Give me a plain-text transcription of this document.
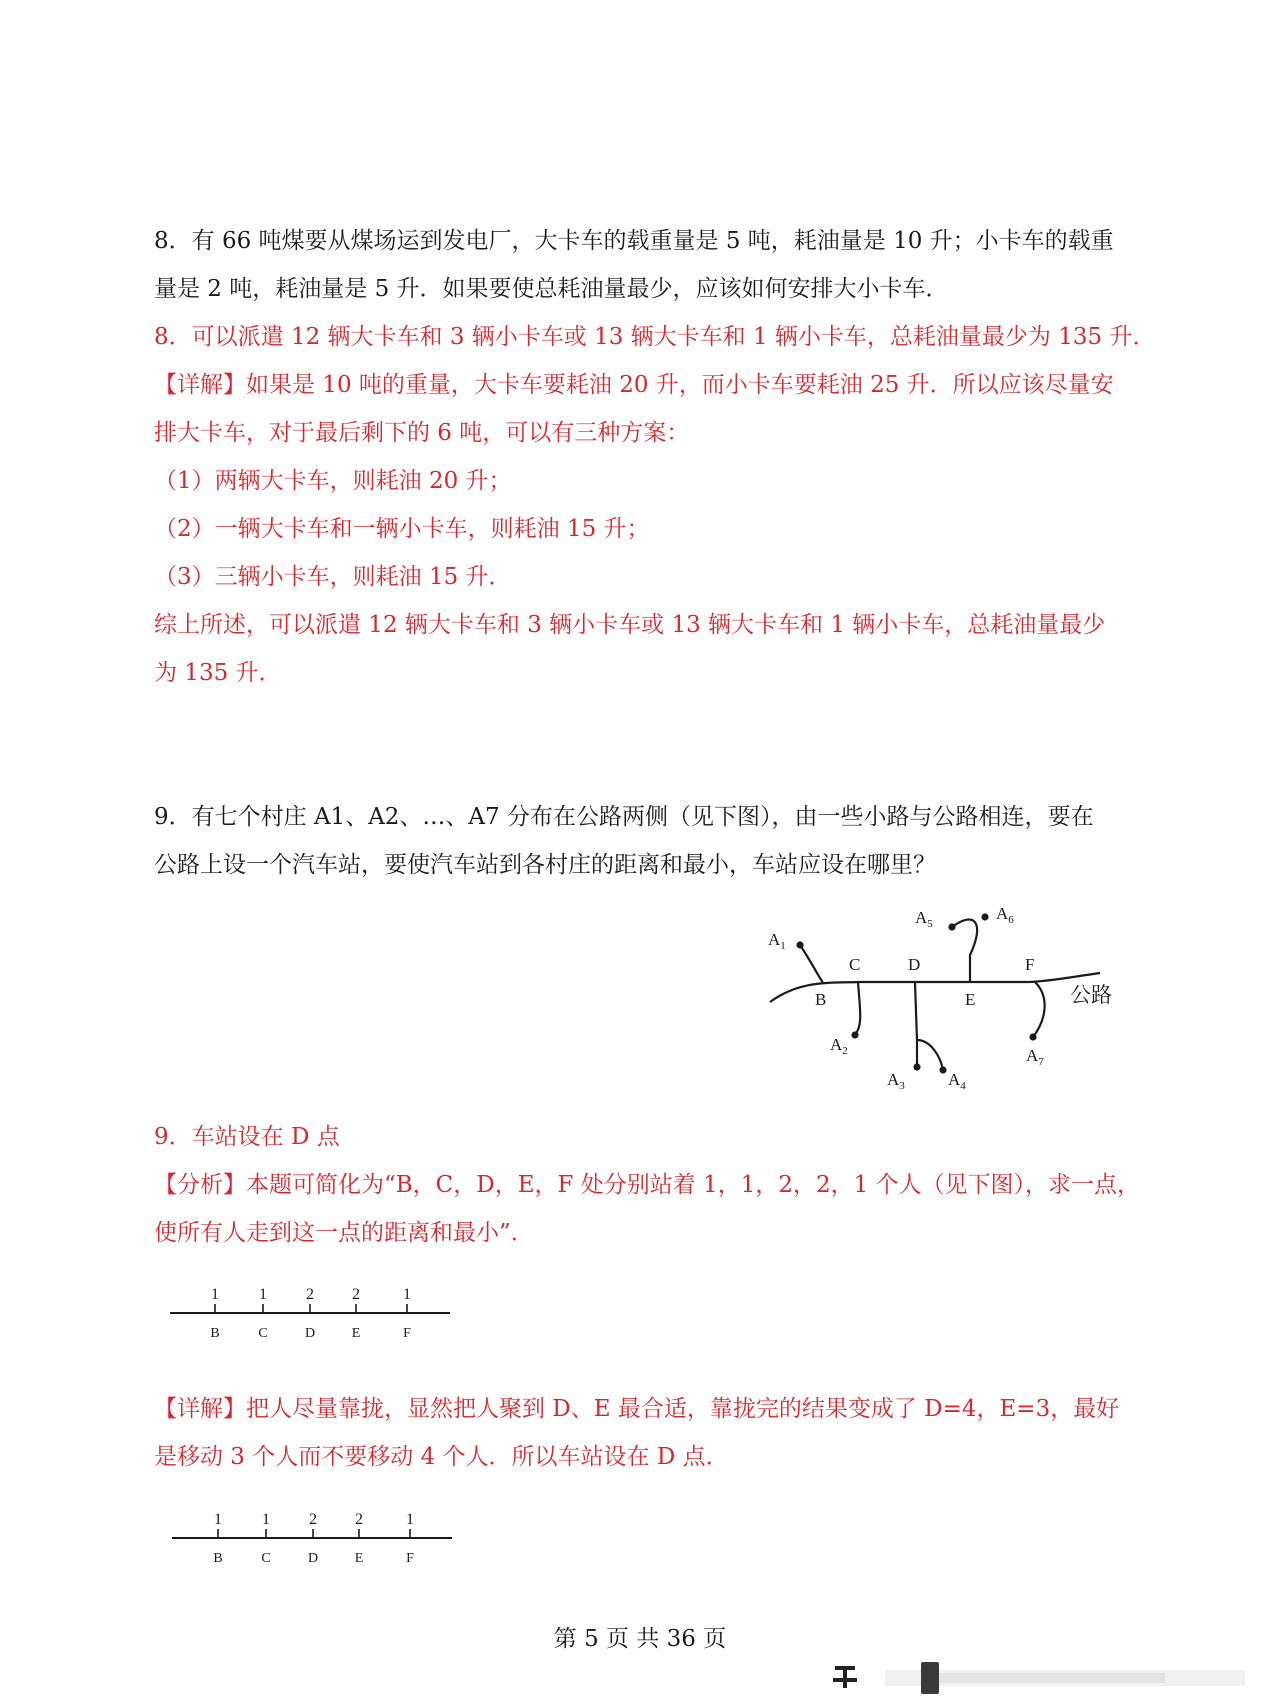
8．有 66 吨煤要从煤场运到发电厂，大卡车的载重量是 5 吨，耗油量是 10 升；小卡车的载重
量是 2 吨，耗油量是 5 升．如果要使总耗油量最少，应该如何安排大小卡车．
8．可以派遣 12 辆大卡车和 3 辆小卡车或 13 辆大卡车和 1 辆小卡车，总耗油量最少为 135 升．
【详解】如果是 10 吨的重量，大卡车要耗油 20 升，而小卡车要耗油 25 升．所以应该尽量安
排大卡车，对于最后剩下的 6 吨，可以有三种方案：
（1）两辆大卡车，则耗油 20 升；
（2）一辆大卡车和一辆小卡车，则耗油 15 升；
（3）三辆小卡车，则耗油 15 升．
综上所述，可以派遣 12 辆大卡车和 3 辆小卡车或 13 辆大卡车和 1 辆小卡车，总耗油量最少
为 135 升．
9．有七个村庄 A1、A2、…、A7 分布在公路两侧（见下图），由一些小路与公路相连，要在
公路上设一个汽车站，要使汽车站到各村庄的距离和最小，车站应设在哪里？
$A_1$
$A_2$
$A_3$	$A_4$
$A_5$
$A_6$
$A_7$
B
C	D
E
F
公路
9．车站设在 D 点
【分析】本题可简化为“B，C，D，E，F 处分别站着 1，1，2，2，1 个人（见下图），求一点，
使所有人走到这一点的距离和最小”．
1	1 2 2	1
B	C	D	E	F
【详解】把人尽量靠拢，显然把人聚到 D、E 最合适，靠拢完的结果变成了 D=4，E=3，最好
是移动 3 个人而不要移动 4 个人．所以车站设在 D 点．
1	1 2 2	1
B	C	D	E	F
第 5 页 共 36 页
